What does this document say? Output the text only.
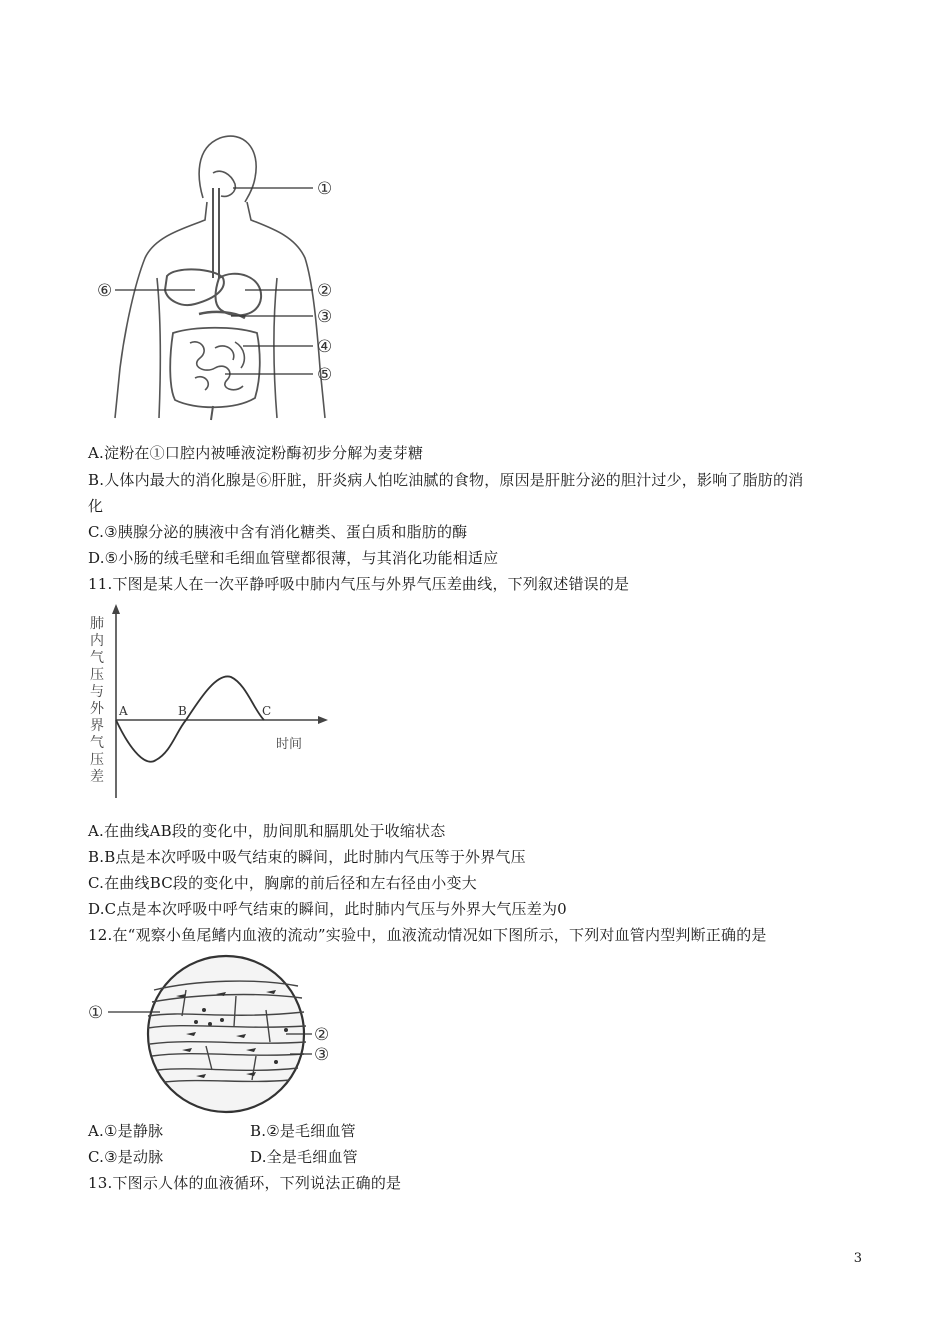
①
②
③
④
⑤
⑥
A.淀粉在①口腔内被唾液淀粉酶初步分解为麦芽糖
B.人体内最大的消化腺是⑥肝脏，肝炎病人怕吃油腻的食物，原因是肝脏分泌的胆汁过少，影响了脂肪的消
化
C.③胰腺分泌的胰液中含有消化糖类、蛋白质和脂肪的酶
D.⑤小肠的绒毛壁和毛细血管壁都很薄，与其消化功能相适应
11.下图是某人在一次平静呼吸中肺内气压与外界气压差曲线，下列叙述错误的是
肺
内
气
压
与
外
界
气
压
差
A	B	C
时间
A.在曲线AB段的变化中，肋间肌和膈肌处于收缩状态
B.B点是本次呼吸中吸气结束的瞬间，此时肺内气压等于外界气压
C.在曲线BC段的变化中，胸廓的前后径和左右径由小变大
D.C点是本次呼吸中呼气结束的瞬间，此时肺内气压与外界大气压差为0
12.在“观察小鱼尾鳍内血液的流动”实验中，血液流动情况如下图所示，下列对血管内型判断正确的是
①
②
③
A.①是静脉	B.②是毛细血管
C.③是动脉	D.全是毛细血管
13.下图示人体的血液循环，下列说法正确的是
3
